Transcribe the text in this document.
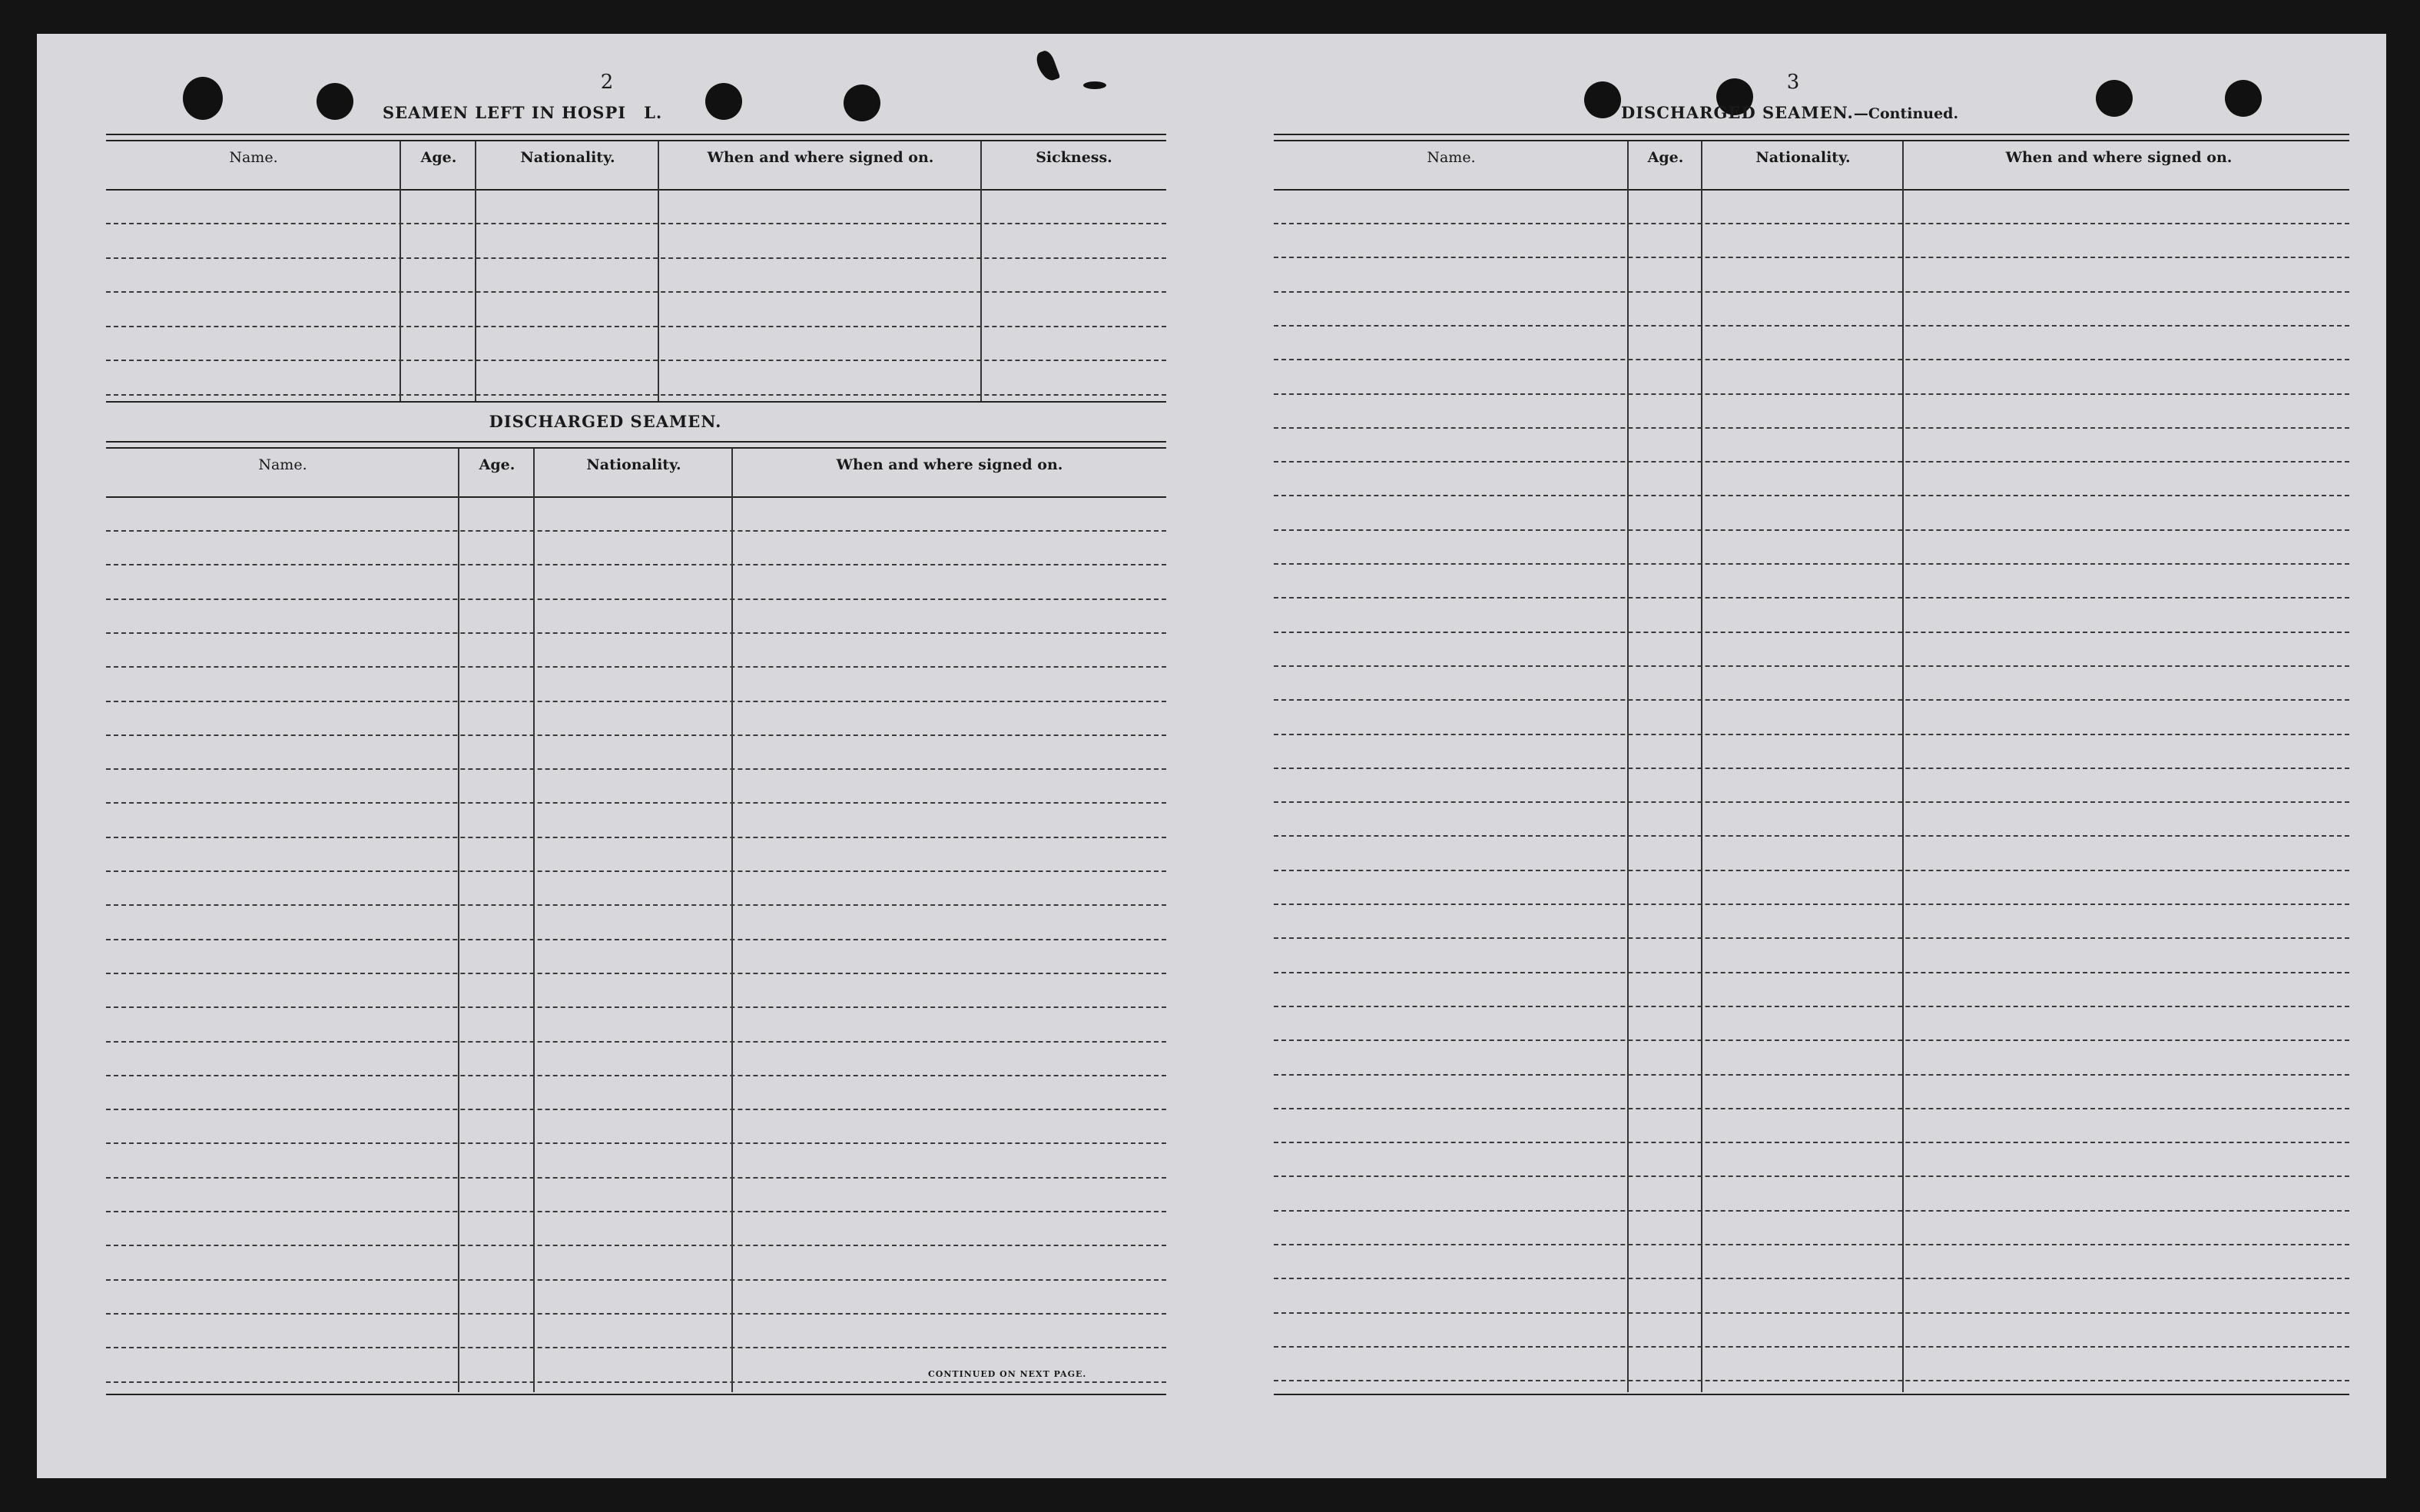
2
SEAMEN LEFT IN HOSPI  L.
Name.	Age.	Nationality.	When and where signed on.	Sickness.
DISCHARGED SEAMEN.
Name.	Age.	Nationality.	When and where signed on.
CONTINUED ON NEXT PAGE.
3
DISCHARGED SEAMEN.—Continued.
Name.	Age.	Nationality.	When and where signed on.
